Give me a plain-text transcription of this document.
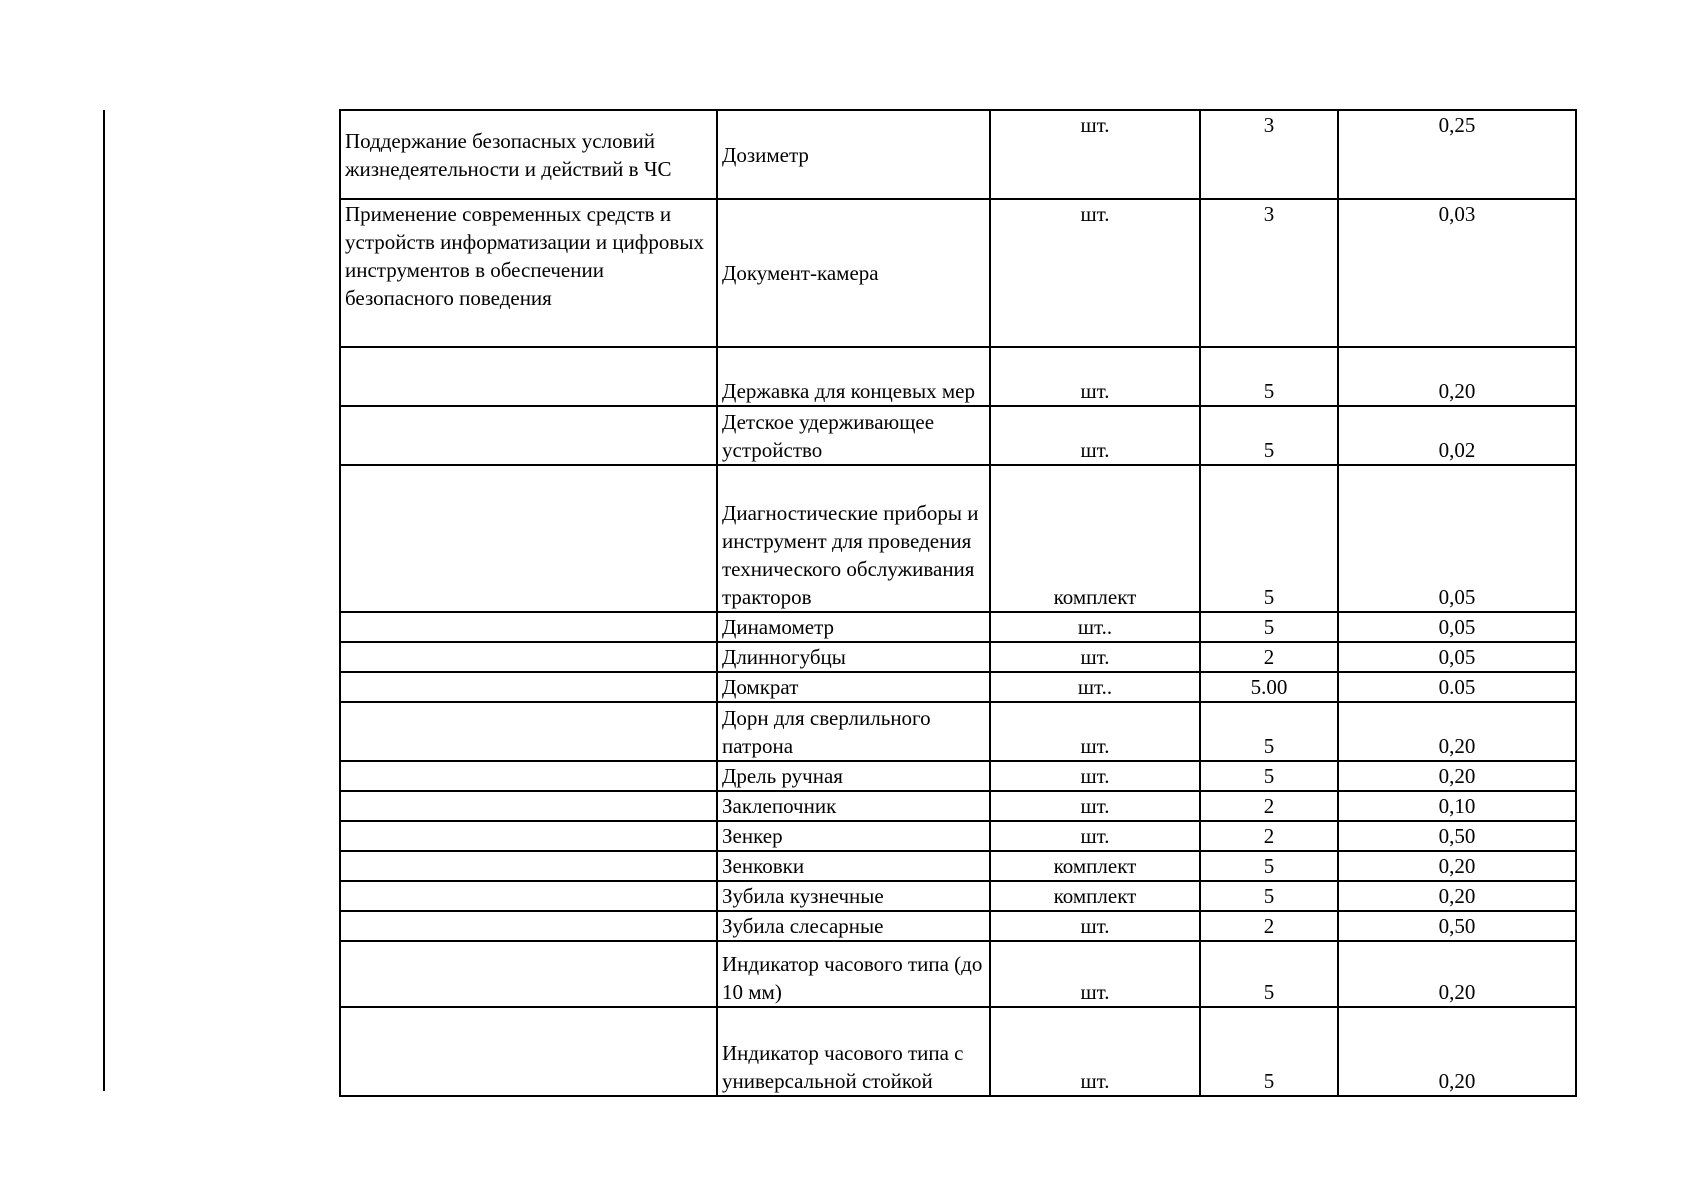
Поддержание безопасных условий жизнедеятельности и действий в ЧС	Дозиметр	шт.	3	0,25
Применение современных средств и устройств информатизации и цифровых инструментов в обеспечении безопасного поведения	Документ-камера	шт.	3	0,03
	Державка для концевых мер	шт.	5	0,20
	Детское удерживающее устройство	шт.	5	0,02
	Диагностические приборы и инструмент для проведения технического обслуживания тракторов	комплект	5	0,05
	Динамометр	шт..	5	0,05
	Длинногубцы	шт.	2	0,05
	Домкрат	шт..	5.00	0.05
	Дорн для сверлильного патрона	шт.	5	0,20
	Дрель ручная	шт.	5	0,20
	Заклепочник	шт.	2	0,10
	Зенкер	шт.	2	0,50
	Зенковки	комплект	5	0,20
	Зубила кузнечные	комплект	5	0,20
	Зубила слесарные	шт.	2	0,50
	Индикатор часового типа (до 10 мм)	шт.	5	0,20
	Индикатор часового типа с универсальной стойкой	шт.	5	0,20
